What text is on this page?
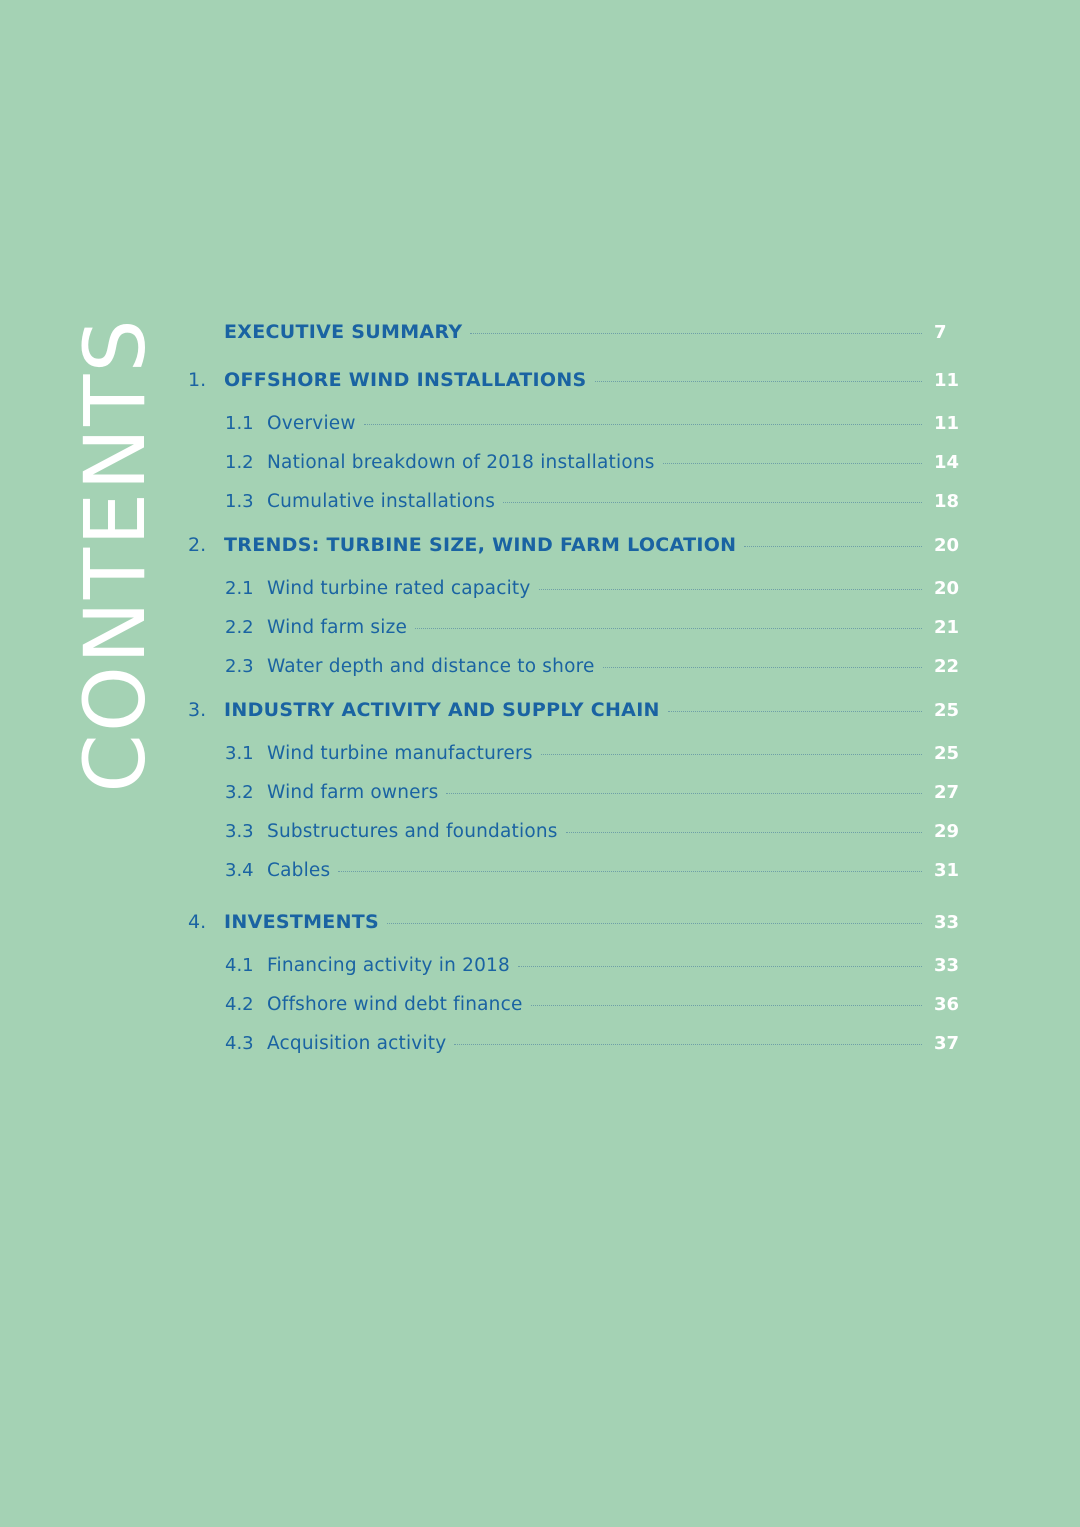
CONTENTS	EXECUTIVE SUMMARY	7
1. OFFSHORE WIND INSTALLATIONS	11
1.1 Overview	11
1.2 National breakdown of 2018 installations	14
1.3 Cumulative installations	18
2. TRENDS: TURBINE SIZE, WIND FARM LOCATION	20
2.1 Wind turbine rated capacity	20
2.2 Wind farm size	21
2.3 Water depth and distance to shore	22
3. INDUSTRY ACTIVITY AND SUPPLY CHAIN	25
3.1 Wind turbine manufacturers	25
3.2 Wind farm owners	27
3.3 Substructures and foundations	29
3.4 Cables	31
4. INVESTMENTS	33
4.1 Financing activity in 2018	33
4.2 Offshore wind debt finance	36
4.3 Acquisition activity	37
